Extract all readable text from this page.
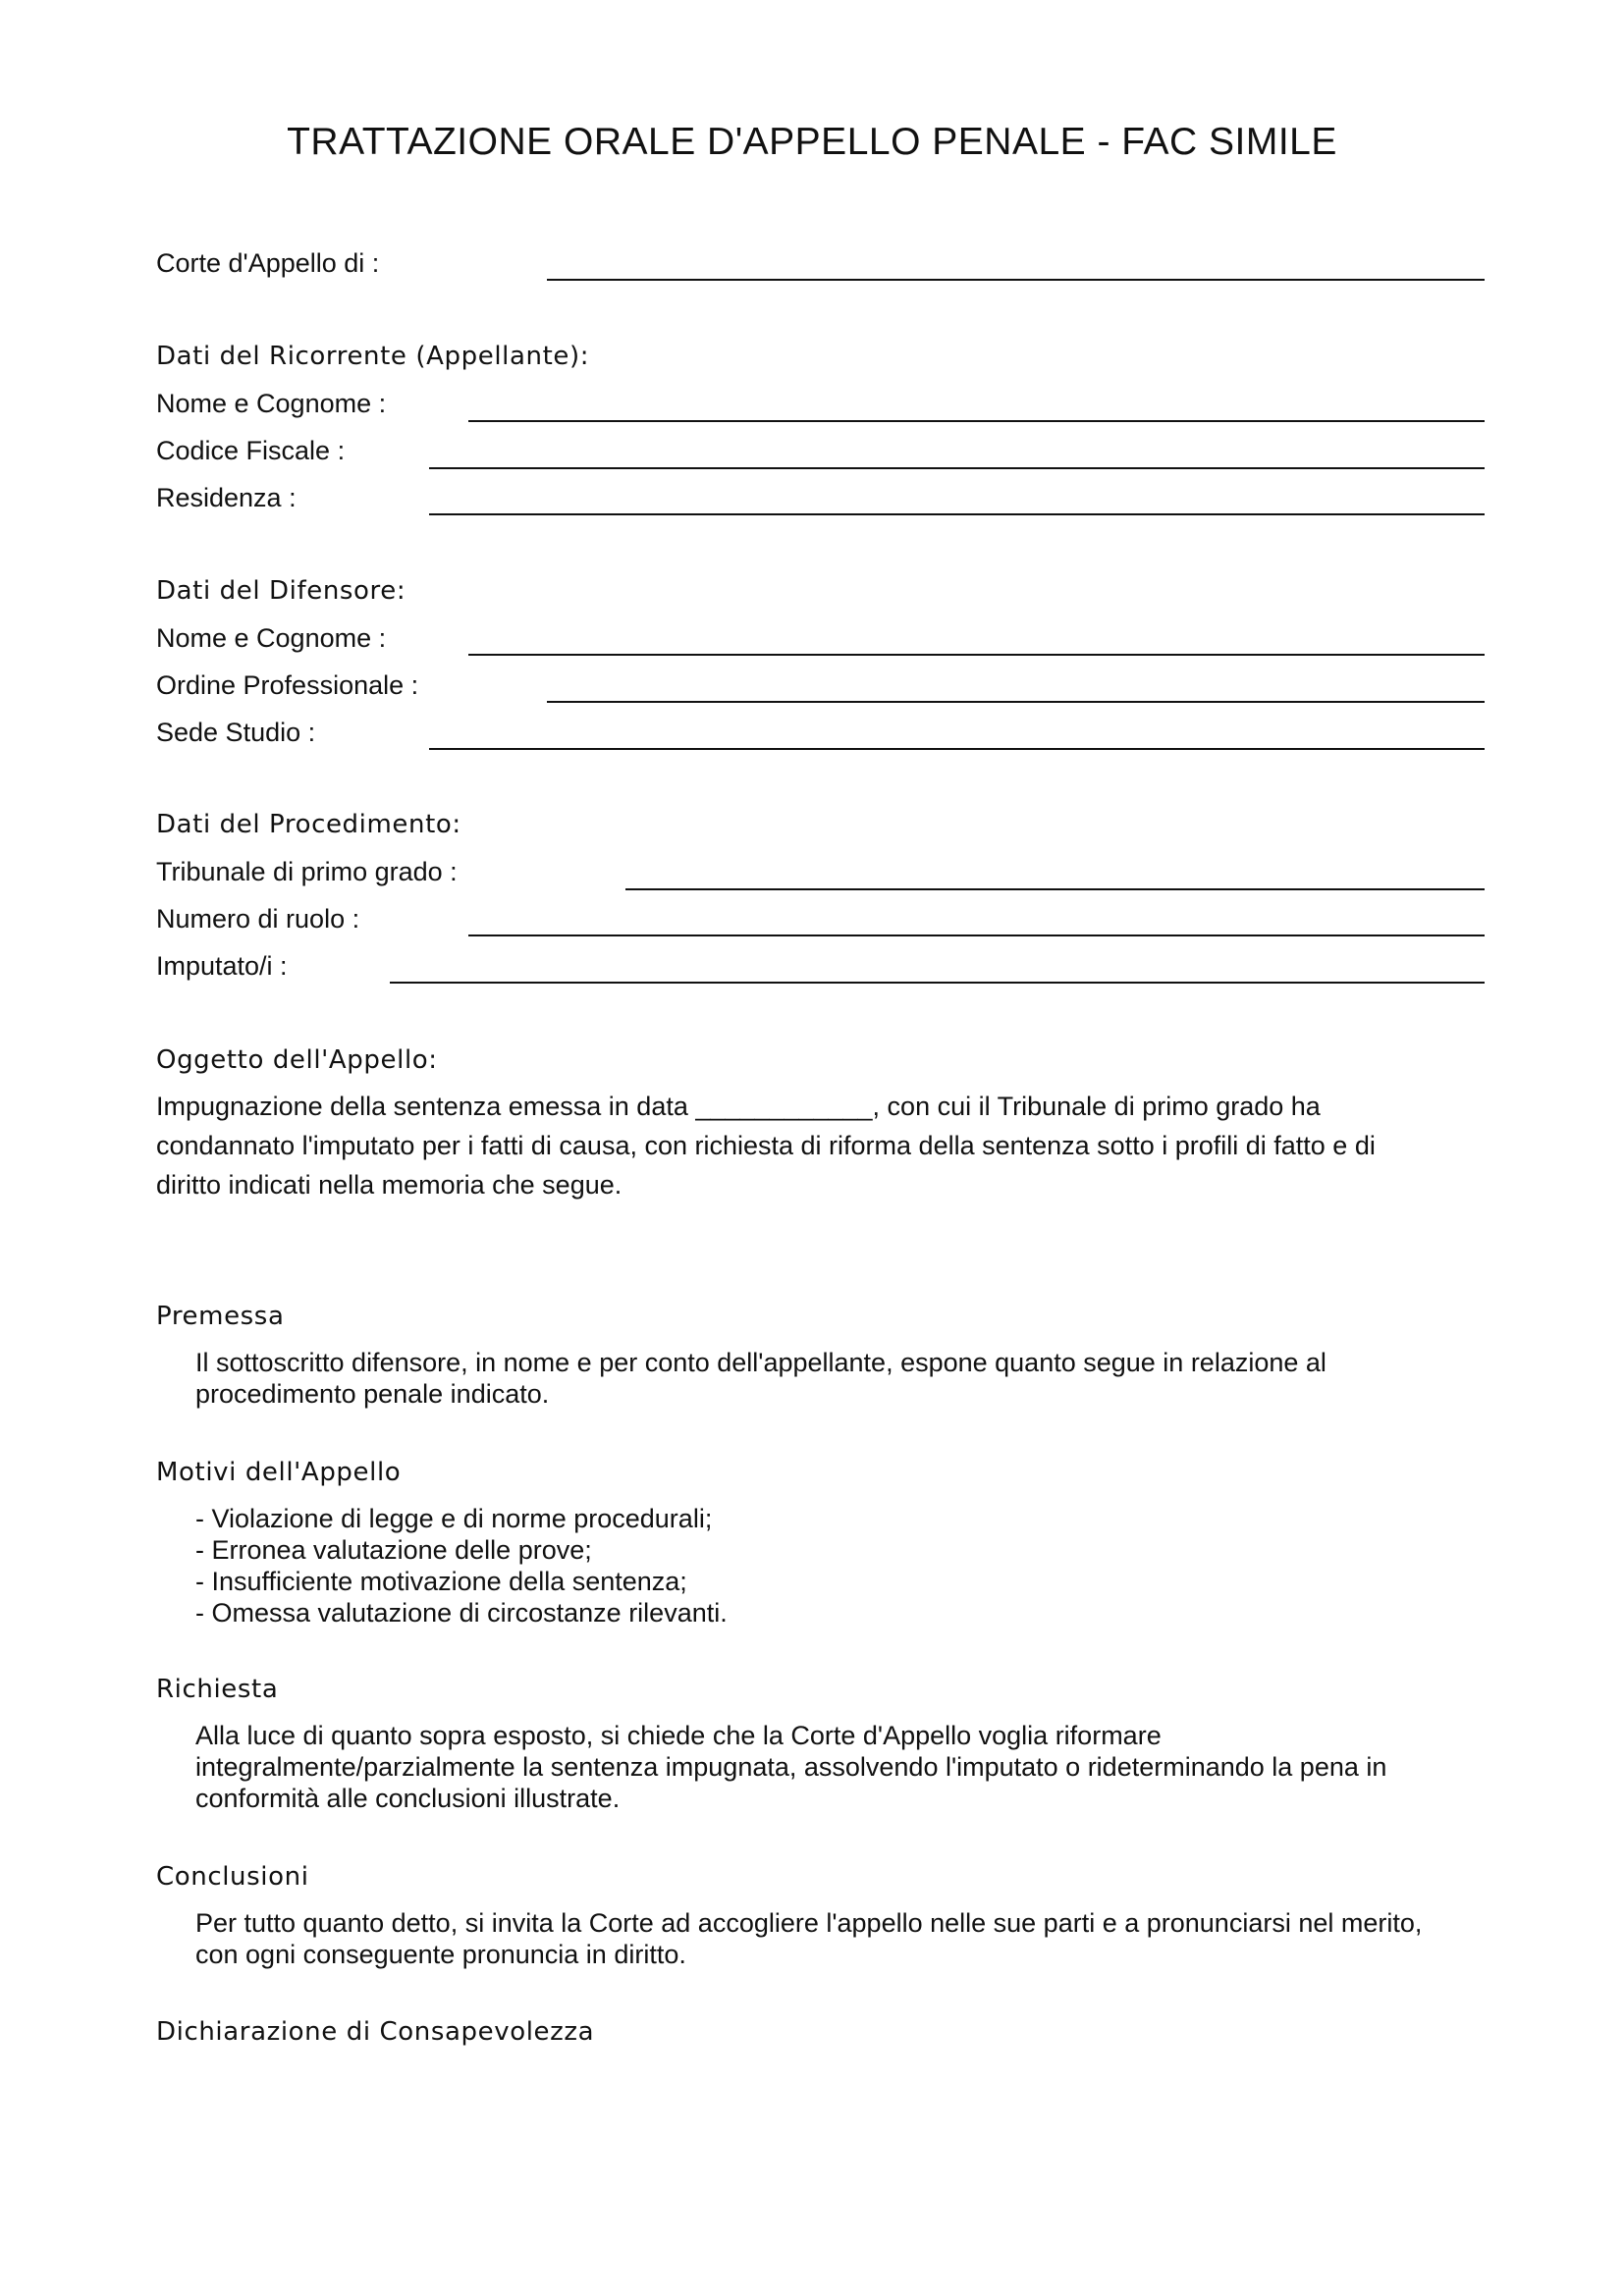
TRATTAZIONE ORALE D'APPELLO PENALE - FAC SIMILE
Corte d'Appello di :
Dati del Ricorrente (Appellante):
Nome e Cognome :
Codice Fiscale :
Residenza :
Dati del Difensore:
Nome e Cognome :
Ordine Professionale :
Sede Studio :
Dati del Procedimento:
Tribunale di primo grado :
Numero di ruolo :
Imputato/i :
Oggetto dell'Appello:
Impugnazione della sentenza emessa in data ____________, con cui il Tribunale di primo grado ha
condannato l'imputato per i fatti di causa, con richiesta di riforma della sentenza sotto i profili di fatto e di
diritto indicati nella memoria che segue.
Premessa
Il sottoscritto difensore, in nome e per conto dell'appellante, espone quanto segue in relazione al
procedimento penale indicato.
Motivi dell'Appello
- Violazione di legge e di norme procedurali;
- Erronea valutazione delle prove;
- Insufficiente motivazione della sentenza;
- Omessa valutazione di circostanze rilevanti.
Richiesta
Alla luce di quanto sopra esposto, si chiede che la Corte d'Appello voglia riformare
integralmente/parzialmente la sentenza impugnata, assolvendo l'imputato o rideterminando la pena in
conformità alle conclusioni illustrate.
Conclusioni
Per tutto quanto detto, si invita la Corte ad accogliere l'appello nelle sue parti e a pronunciarsi nel merito,
con ogni conseguente pronuncia in diritto.
Dichiarazione di Consapevolezza
